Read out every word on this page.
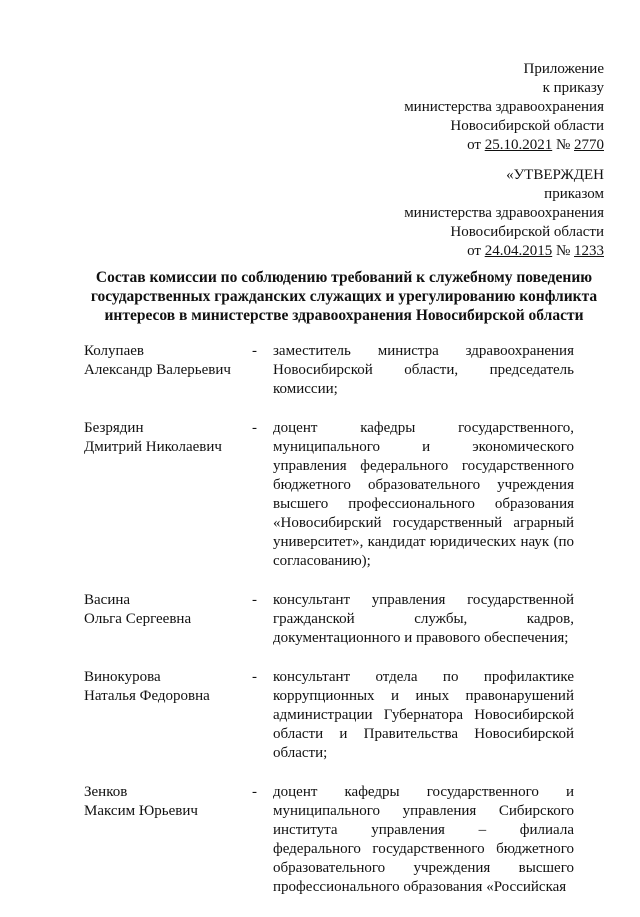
Приложение
к приказу
министерства здравоохранения
Новосибирской области
от 25.10.2021 № 2770
«УТВЕРЖДЕН
приказом
министерства здравоохранения
Новосибирской области
от 24.04.2015 № 1233
Состав комиссии по соблюдению требований к служебному поведению государственных гражданских служащих и урегулированию конфликта интересов в министерстве здравоохранения Новосибирской области
Колупаев
Александр Валерьевич
- заместитель министра здравоохранения Новосибирской области, председатель комиссии;
Безрядин
Дмитрий Николаевич
- доцент кафедры государственного, муниципального и экономического управления федерального государственного бюджетного образовательного учреждения высшего профессионального образования «Новосибирский государственный аграрный университет», кандидат юридических наук (по согласованию);
Васина
Ольга Сергеевна
- консультант управления государственной гражданской службы, кадров, документационного и правового обеспечения;
Винокурова
Наталья Федоровна
- консультант отдела по профилактике коррупционных и иных правонарушений администрации Губернатора Новосибирской области и Правительства Новосибирской области;
Зенков
Максим Юрьевич
- доцент кафедры государственного и муниципального управления Сибирского института управления – филиала федерального государственного бюджетного образовательного учреждения высшего профессионального образования «Российская
